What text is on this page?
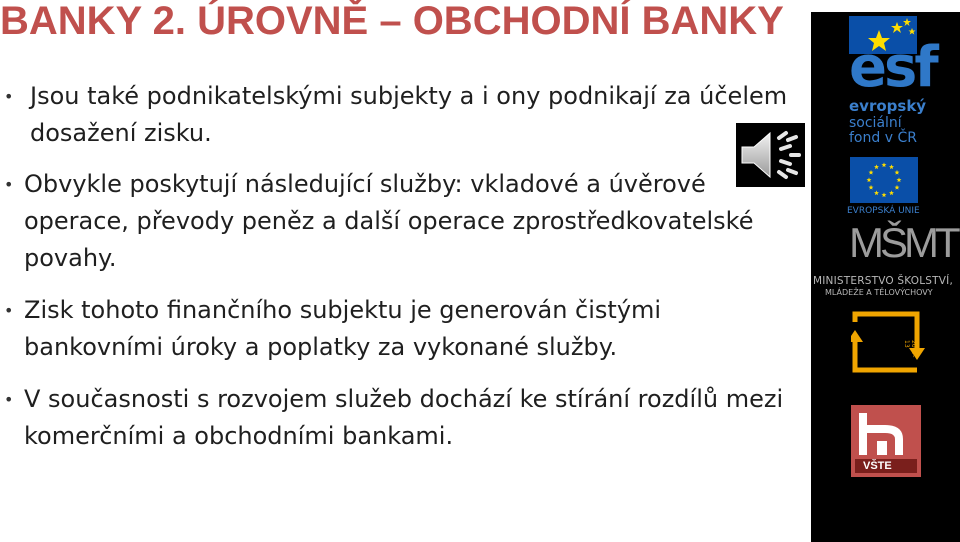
BANKY 2. ÚROVNĚ – OBCHODNÍ BANKY
• Jsou také podnikatelskými subjekty a i ony podnikají za účelem dosažení zisku.
• Obvykle poskytují následující služby: vkladové a úvěrové operace, převody peněz a další operace zprostředkovatelské povahy.
• Zisk tohoto finančního subjektu je generován čistými bankovními úroky a poplatky za vykonané služby.
• V současnosti s rozvojem služeb dochází ke stírání rozdílů mezi komerčními a obchodními bankami.
esf
evropský
sociální
fond v ČR
EVROPSKÁ UNIE
MŠMT
MINISTERSTVO ŠKOLSTVÍ,
MLÁDEŽE A TĚLOVÝCHOVY
2007-13
VŠTE
